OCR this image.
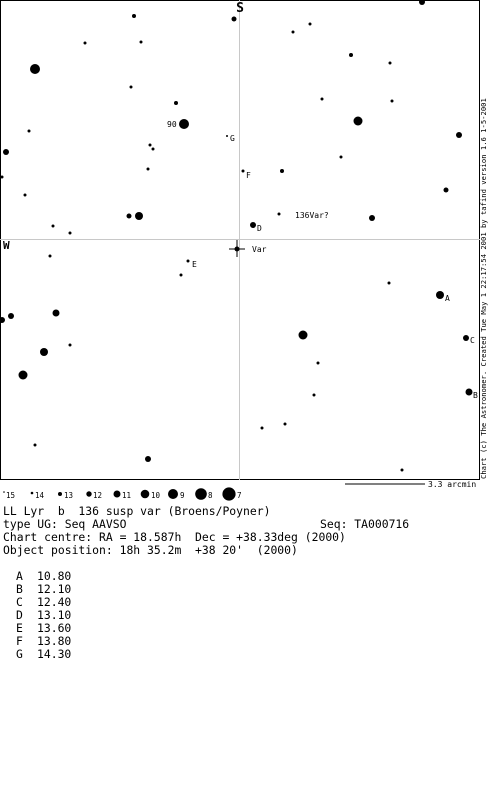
S
W	Var
90
136Var?
A
B
C
D
E
F
G	Chart (c) The Astronomer. Created Tue May 1 22:17:54 2001 by tafind version 1.6 1-5-2001
3.3 arcmin
15	14	13	12	11	10	9	8	7
LL Lyr  b  136 susp var (Broens/Poyner)
type UG: Seq AAVSO	Seq: TA000716
Chart centre: RA = 18.587h  Dec = +38.33deg (2000)
Object position: 18h 35.2m  +38 20'  (2000)
A 10.80
B 12.10
C 12.40
D 13.10
E 13.60
F 13.80
G 14.30
